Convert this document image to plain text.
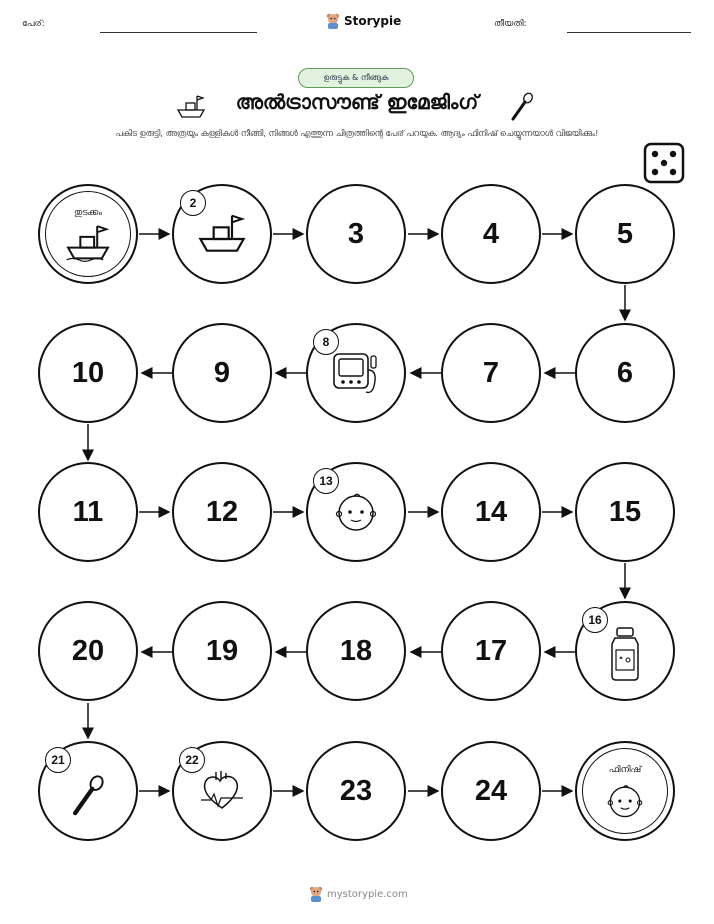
പേര്:	Storypie	തീയതി:
ഉരുട്ടുക & നീങ്ങുക
അൽട്രാസൗണ്ട് ഇമേജിംഗ്
പകിട ഉരുട്ടി, അത്രയും കള്ളികൾ നീങ്ങി, നിങ്ങൾ എത്തുന്ന ചിത്രത്തിന്റെ പേര് പറയുക. ആദ്യം ഫിനിഷ് ചെയ്യുന്നയാൾ വിജയിക്കും!
തുടക്കം
2
3	4	5
10	9
8
7	6
11	12
13
14	15
20	19	18	17
16
21	22
23	24
ഫിനിഷ്
mystorypie.com
